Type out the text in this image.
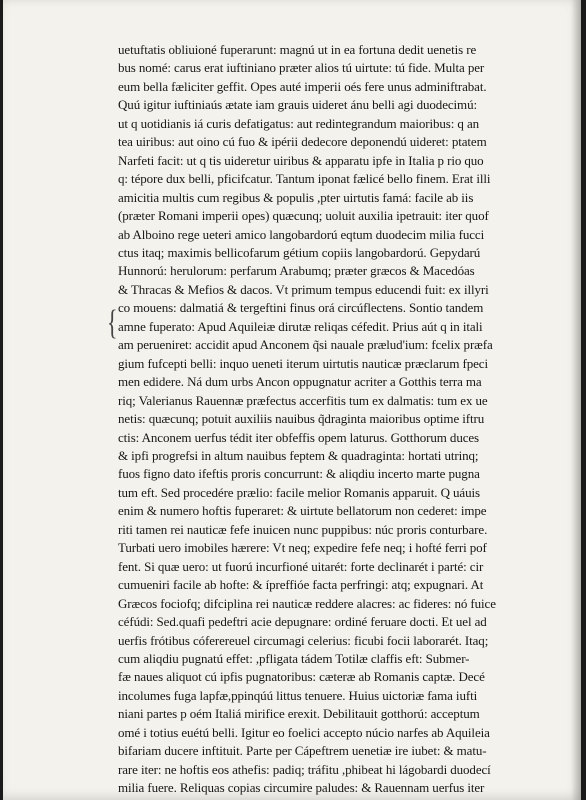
{
uetuftatis obliuioné fuperarunt: magnú ut in ea fortuna dedit uenetis re
bus nomé: carus erat iuftiniano præter alios tú uirtute: tú fide. Multa per
eum bella fæliciter geffit. Opes auté imperii oés fere unus adminiftrabat.
Quú igitur iuftiniaús ætate iam grauis uideret ánu belli agi duodecimú:
ut q uotidianis iá curis defatigatus: aut redintegrandum maioribus: q an
tea uiribus: aut oino cú fuo & ipérii dedecore deponendú uideret: ptatem
Narfeti facit: ut q tis uideretur uiribus & apparatu ipfe in Italia p rio quo
q: tépore dux belli, pficifcatur. Tantum iponat fælicé bello finem. Erat illi
amicitia multis cum regibus & populis ,pter uirtutis famá: facile ab iis
(præter Romani imperii opes) quæcunq; uoluit auxilia ipetrauit: iter quof
ab Alboino rege ueteri amico langobardorú eqtum duodecim milia fucci
ctus itaq; maximis bellicofarum gétium copiis langobardorú. Gepydarú
Hunnorú: herulorum: perfarum Arabumq; præter græcos & Macedóas
& Thracas & Mefios & dacos. Vt primum tempus educendi fuit: ex illyri
co mouens: dalmatiá & tergeftini finus orá circúflectens. Sontio tandem
amne fuperato: Apud Aquileiæ dirutæ reliqas céfedit. Prius aút q in itali
am perueniret: accidit apud Anconem q̃si nauale prælud'ium: fcelix præfa
gium fufcepti belli: inquo ueneti iterum uirtutis nauticæ præclarum fpeci
men edidere. Ná dum urbs Ancon oppugnatur acriter a Gotthis terra ma
riq; Valerianus Rauennæ præfectus accerfitis tum ex dalmatis: tum ex ue
netis: quæcunq; potuit auxiliis nauibus q̃draginta maioribus optime iftru
ctis: Anconem uerfus tédit iter obfeffis opem laturus. Gotthorum duces
& ipfi progrefsi in altum nauibus feptem & quadraginta: hortati utrinq;
fuos figno dato ifeftis proris concurrunt: & aliqdiu incerto marte pugna
tum eft. Sed procedére prælio: facile melior Romanis apparuit. Q uáuis
enim & numero hoftis fuperaret: & uirtute bellatorum non cederet: impe
riti tamen rei nauticæ fefe inuicen nunc puppibus: núc proris conturbare.
Turbati uero imobiles hærere: Vt neq; expedire fefe neq; i hofté ferri pof
fent. Si quæ uero: ut fuorú incurfioné uitarét: forte declinarét i parté: cir
cumueniri facile ab hofte: & ípreffióe facta perfringi: atq; expugnari. At
Græcos fociofq; difciplina rei nauticæ reddere alacres: ac fideres: nó fuice
céfúdi: Sed.quafi pedeftri acie depugnare: ordiné feruare docti. Et uel ad
uerfis frótibus cóferereuel circumagi celerius: ficubi focii laborarét. Itaq;
cum aliqdiu pugnatú effet: ,pfligata tádem Totilæ claffis eft: Submer-
fæ naues aliquot cú ipfis pugnatoribus: cæteræ ab Romanis captæ. Decé
incolumes fuga lapfæ,ppinqúú littus tenuere. Huius uictoriæ fama iufti
niani partes p oém Italiá mirifice erexit. Debilitauit gotthorú: acceptum
omé i totius euétú belli. Igitur eo foelici accepto núcio narfes ab Aquileia
bifariam ducere inftituit. Parte per Cápeftrem uenetiæ ire iubet: & matu-
rare iter: ne hoftis eos athefis: padiq; tráfitu ,phibeat hi lágobardi duodecí
milia fuere. Reliquas copias circumire paludes: & Rauennam uerfus iter
